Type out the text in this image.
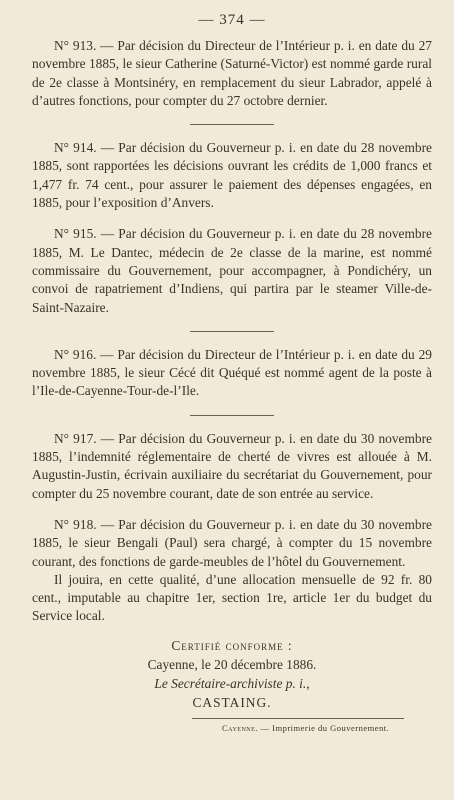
— 374 —

N° 913. — Par décision du Directeur de l’Intérieur p. i. en date du 27 novembre 1885, le sieur Catherine (Saturné-Victor) est nommé garde rural de 2e classe à Montsinéry, en remplacement du sieur Labrador, appelé à d’autres fonctions, pour compter du 27 octobre dernier.

N° 914. — Par décision du Gouverneur p. i. en date du 28 novembre 1885, sont rapportées les décisions ouvrant les crédits de 1,000 francs et 1,477 fr. 74 cent., pour assurer le paiement des dépenses engagées, en 1885, pour l’exposition d’Anvers.

N° 915. — Par décision du Gouverneur p. i. en date du 28 novembre 1885, M. Le Dantec, médecin de 2e classe de la marine, est nommé commissaire du Gouvernement, pour accompagner, à Pondichéry, un convoi de rapatriement d’Indiens, qui partira par le steamer Ville-de-Saint-Nazaire.

N° 916. — Par décision du Directeur de l’Intérieur p. i. en date du 29 novembre 1885, le sieur Cécé dit Quéqué est nommé agent de la poste à l’Ile-de-Cayenne-Tour-de-l’Ile.

N° 917. — Par décision du Gouverneur p. i. en date du 30 novembre 1885, l’indemnité réglementaire de cherté de vivres est allouée à M. Augustin-Justin, écrivain auxiliaire du secrétariat du Gouvernement, pour compter du 25 novembre courant, date de son entrée au service.

N° 918. — Par décision du Gouverneur p. i. en date du 30 novembre 1885, le sieur Bengali (Paul) sera chargé, à compter du 15 novembre courant, des fonctions de garde-meubles de l’hôtel du Gouvernement.

Il jouira, en cette qualité, d’une allocation mensuelle de 92 fr. 80 cent., imputable au chapitre 1er, section 1re, article 1er du budget du Service local.

Certifié conforme :
Cayenne, le 20 décembre 1886.
Le Secrétaire-archiviste p. i.,
CASTAING.
Cayenne. — Imprimerie du Gouvernement.
